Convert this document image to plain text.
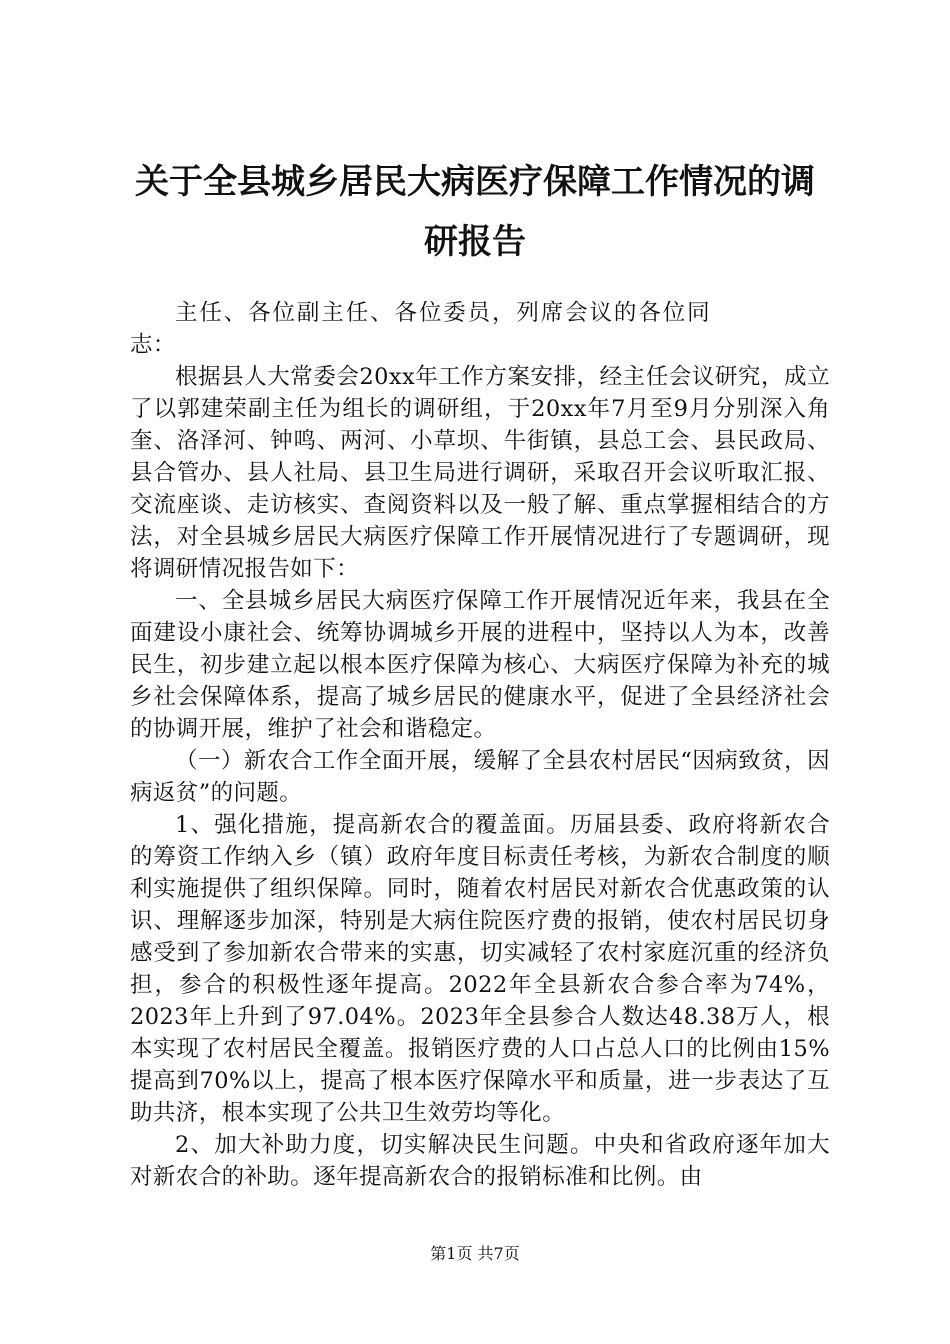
关于全县城乡居民大病医疗保障工作情况的调
研报告

主任、各位副主任、各位委员，列席会议的各位同志：

根据县人大常委会20xx年工作方案安排，经主任会议研究，成立了以郭建荣副主任为组长的调研组，于20xx年7月至9月分别深入角奎、洛泽河、钟鸣、两河、小草坝、牛街镇，县总工会、县民政局、县合管办、县人社局、县卫生局进行调研，采取召开会议听取汇报、交流座谈、走访核实、查阅资料以及一般了解、重点掌握相结合的方法，对全县城乡居民大病医疗保障工作开展情况进行了专题调研，现将调研情况报告如下：

一、全县城乡居民大病医疗保障工作开展情况近年来，我县在全面建设小康社会、统筹协调城乡开展的进程中，坚持以人为本，改善民生，初步建立起以根本医疗保障为核心、大病医疗保障为补充的城乡社会保障体系，提高了城乡居民的健康水平，促进了全县经济社会的协调开展，维护了社会和谐稳定。

（一）新农合工作全面开展，缓解了全县农村居民“因病致贫，因病返贫”的问题。

1、强化措施，提高新农合的覆盖面。历届县委、政府将新农合的筹资工作纳入乡（镇）政府年度目标责任考核，为新农合制度的顺利实施提供了组织保障。同时，随着农村居民对新农合优惠政策的认识、理解逐步加深，特别是大病住院医疗费的报销，使农村居民切身感受到了参加新农合带来的实惠，切实减轻了农村家庭沉重的经济负担，参合的积极性逐年提高。2022年全县新农合参合率为74%，2023年上升到了97.04%。2023年全县参合人数达48.38万人，根本实现了农村居民全覆盖。报销医疗费的人口占总人口的比例由15%提高到70%以上，提高了根本医疗保障水平和质量，进一步表达了互助共济，根本实现了公共卫生效劳均等化。

2、加大补助力度，切实解决民生问题。中央和省政府逐年加大对新农合的补助。逐年提高新农合的报销标准和比例。由

第1页 共7页
